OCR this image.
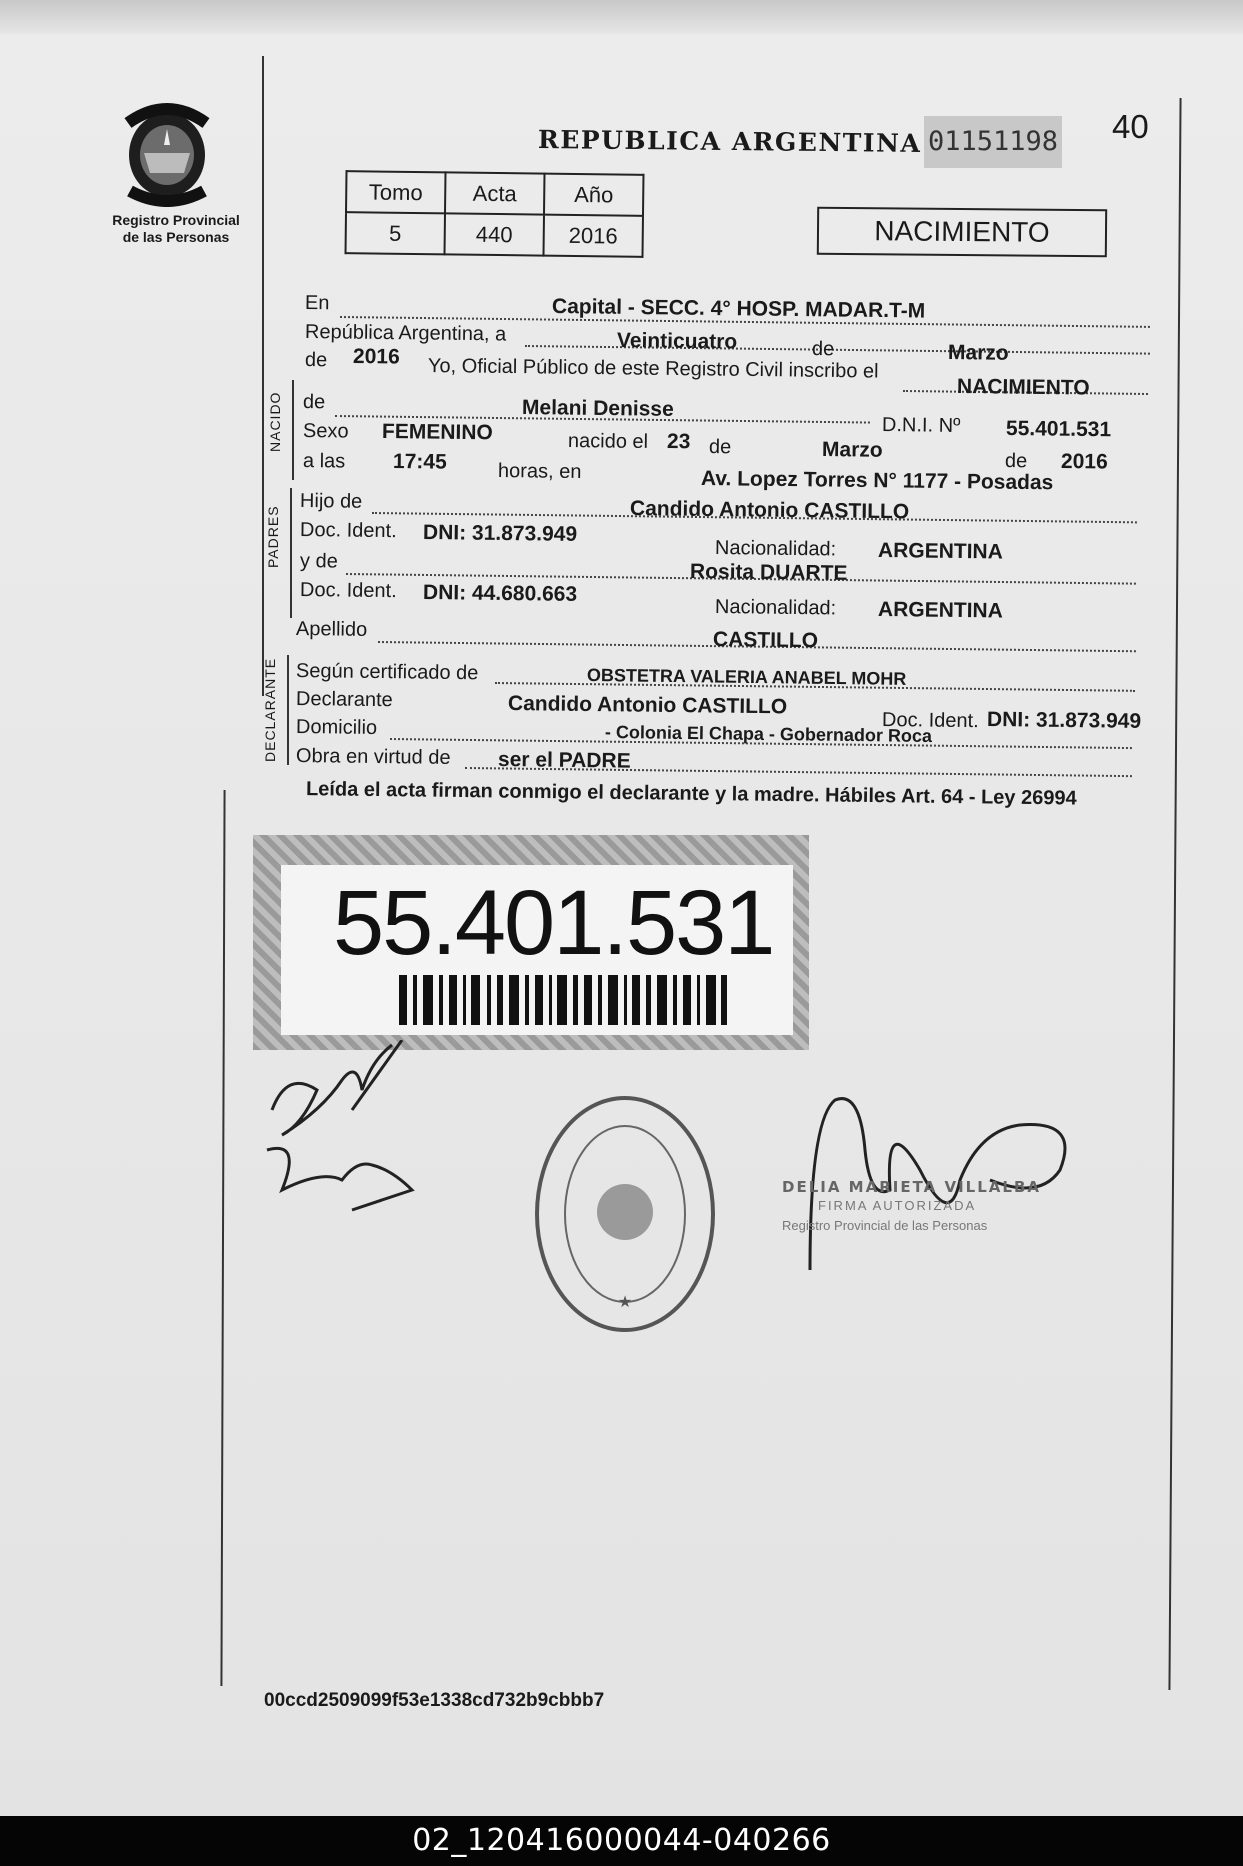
Registro Provincial
de las Personas
REPUBLICA ARGENTINA 01151198 40
Tomo	Acta	Año
5	440	2016	NACIMIENTO
En	Capital - SECC. 4° HOSP. MADAR.T-M
República Argentina, a	Veinticuatro	de	Marzo
de 2016 Yo, Oficial Público de este Registro Civil inscribo el
NACIMIENTO
NACIDO de	Melani Denisse
D.N.I. Nº 55.401.531
Sexo FEMENINO	nacido el 23 de	Marzo	de 2016
a las 17:45	horas, en	Av. Lopez Torres N° 1177 - Posadas
PADRES
Hijo de	Candido Antonio CASTILLO
Doc. Ident. DNI: 31.873.949
Nacionalidad: ARGENTINA
y de	Rosita DUARTE
Doc. Ident. DNI: 44.680.663
Nacionalidad: ARGENTINA
Apellido	CASTILLO
DECLARANTE Según certificado de	OBSTETRA VALERIA ANABEL MOHR
Declarante	Candido Antonio CASTILLO
Doc. Ident. DNI: 31.873.949
Domicilio	- Colonia El Chapa - Gobernador Roca
Obra en virtud de ser el PADRE
Leída el acta firman conmigo el declarante y la madre. Hábiles Art. 64 - Ley 26994
55.401.531
★
DELIA MARIETA VILLALBA
FIRMA AUTORIZADA
Registro Provincial de las Personas
00ccd2509099f53e1338cd732b9cbbb7
02_120416000044-040266
